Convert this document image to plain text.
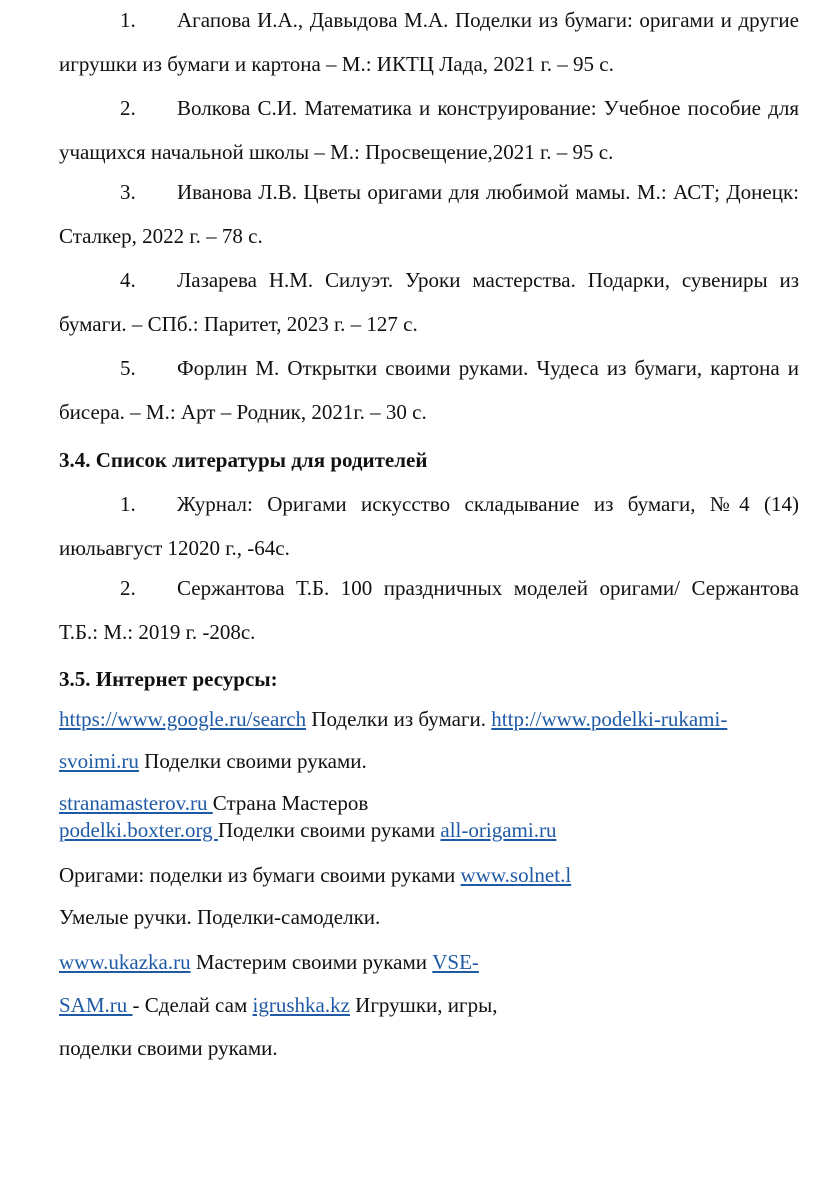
1. Агапова И.А., Давыдова М.А. Поделки из бумаги: оригами и другие игрушки из бумаги и картона – М.: ИКТЦ Лада, 2021 г. – 95 с.
2. Волкова С.И. Математика и конструирование: Учебное пособие для учащихся начальной школы – М.: Просвещение,2021 г. – 95 с.
3. Иванова Л.В. Цветы оригами для любимой мамы. М.: АСТ; Донецк: Сталкер, 2022 г. – 78 с.
4. Лазарева Н.М. Силуэт. Уроки мастерства. Подарки, сувениры из бумаги. – СПб.: Паритет, 2023 г. – 127 с.
5. Форлин М. Открытки своими руками. Чудеса из бумаги, картона и бисера. – М.: Арт – Родник, 2021г. – 30 с.
3.4. Список литературы для родителей
1. Журнал: Оригами искусство складывание из бумаги, №4 (14) июльавгуст 12020 г., -64с.
2. Сержантова Т.Б. 100 праздничных моделей оригами/ Сержантова Т.Б.: М.: 2019 г. -208с.
3.5. Интернет ресурсы:
https://www.google.ru/search Поделки из бумаги. http://www.podelki-rukami-
svoimi.ru Поделки своими руками.
stranamasterov.ru Страна Мастеров
podelki.boxter.org Поделки своими руками all-origami.ru
Оригами: поделки из бумаги своими руками www.solnet.l
Умелые ручки. Поделки-самоделки.
www.ukazka.ru Мастерим своими руками VSE-
SAM.ru - Сделай сам igrushka.kz Игрушки, игры,
поделки своими руками.
